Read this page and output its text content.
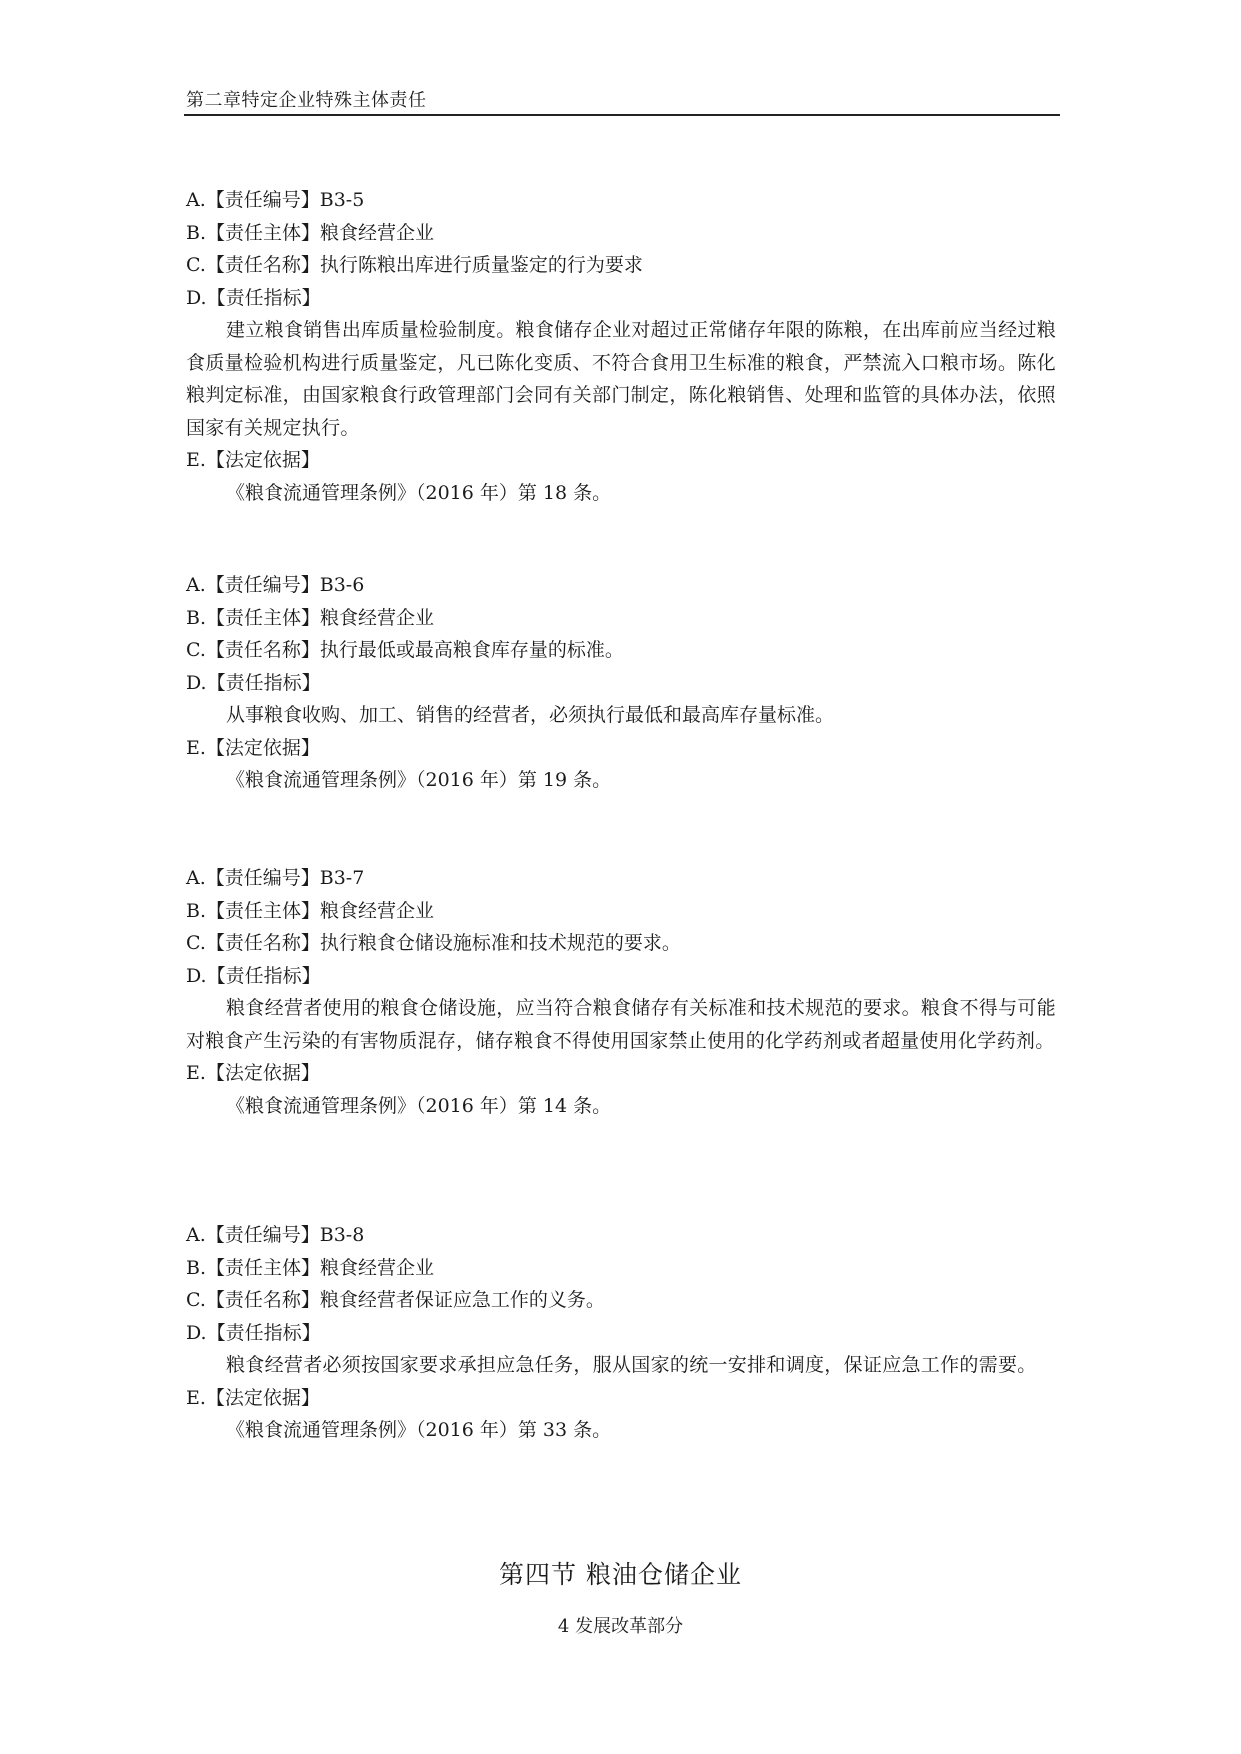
第二章特定企业特殊主体责任
A.【责任编号】B3-5
B.【责任主体】粮食经营企业
C.【责任名称】执行陈粮出库进行质量鉴定的行为要求
D.【责任指标】
建立粮食销售出库质量检验制度。粮食储存企业对超过正常储存年限的陈粮，在出库前应当经过粮食质量检验机构进行质量鉴定，凡已陈化变质、不符合食用卫生标准的粮食，严禁流入口粮市场。陈化粮判定标准，由国家粮食行政管理部门会同有关部门制定，陈化粮销售、处理和监管的具体办法，依照国家有关规定执行。
E.【法定依据】
《粮食流通管理条例》（2016 年）第 18 条。
A.【责任编号】B3-6
B.【责任主体】粮食经营企业
C.【责任名称】执行最低或最高粮食库存量的标准。
D.【责任指标】
从事粮食收购、加工、销售的经营者，必须执行最低和最高库存量标准。
E.【法定依据】
《粮食流通管理条例》（2016 年）第 19 条。
A.【责任编号】B3-7
B.【责任主体】粮食经营企业
C.【责任名称】执行粮食仓储设施标准和技术规范的要求。
D.【责任指标】
粮食经营者使用的粮食仓储设施，应当符合粮食储存有关标准和技术规范的要求。粮食不得与可能对粮食产生污染的有害物质混存，储存粮食不得使用国家禁止使用的化学药剂或者超量使用化学药剂。
E.【法定依据】
《粮食流通管理条例》（2016 年）第 14 条。
A.【责任编号】B3-8
B.【责任主体】粮食经营企业
C.【责任名称】粮食经营者保证应急工作的义务。
D.【责任指标】
粮食经营者必须按国家要求承担应急任务，服从国家的统一安排和调度，保证应急工作的需要。
E.【法定依据】
《粮食流通管理条例》（2016 年）第 33 条。
第四节 粮油仓储企业
4 发展改革部分
